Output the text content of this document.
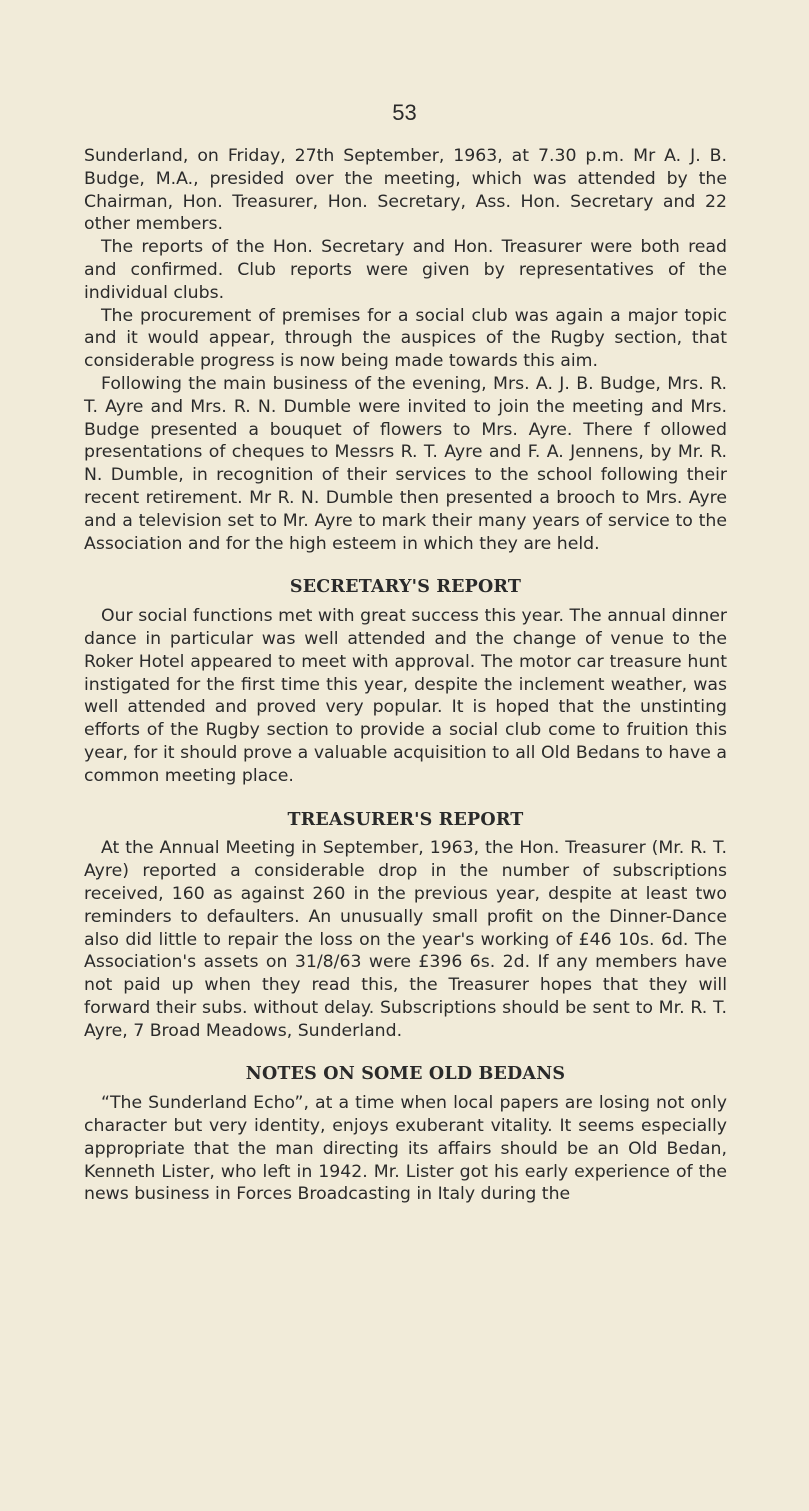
53

Sunderland, on Friday, 27th September, 1963, at 7.30 p.m. Mr A. J. B. Budge, M.A., presided over the meeting, which was attended by the Chairman, Hon. Treasurer, Hon. Secretary, Ass. Hon. Secretary and 22 other members.

The reports of the Hon. Secretary and Hon. Treasurer were both read and confirmed. Club reports were given by representatives of the individual clubs.

The procurement of premises for a social club was again a major topic and it would appear, through the auspices of the Rugby section, that considerable progress is now being made towards this aim.

Following the main business of the evening, Mrs. A. J. B. Budge, Mrs. R. T. Ayre and Mrs. R. N. Dumble were invited to join the meeting and Mrs. Budge presented a bouquet of flowers to Mrs. Ayre. There f ollowed presentations of cheques to Messrs R. T. Ayre and F. A. Jennens, by Mr. R. N. Dumble, in recognition of their services to the school following their recent retirement. Mr R. N. Dumble then presented a brooch to Mrs. Ayre and a television set to Mr. Ayre to mark their many years of service to the Association and for the high esteem in which they are held.

SECRETARY'S REPORT

Our social functions met with great success this year. The annual dinner dance in particular was well attended and the change of venue to the Roker Hotel appeared to meet with approval. The motor car treasure hunt instigated for the first time this year, despite the inclement weather, was well attended and proved very popular. It is hoped that the unstinting efforts of the Rugby section to provide a social club come to fruition this year, for it should prove a valuable acquisition to all Old Bedans to have a common meeting place.

TREASURER'S REPORT

At the Annual Meeting in September, 1963, the Hon. Treasurer (Mr. R. T. Ayre) reported a considerable drop in the number of subscriptions received, 160 as against 260 in the previous year, despite at least two reminders to defaulters. An unusually small profit on the Dinner-Dance also did little to repair the loss on the year's working of £46 10s. 6d. The Association's assets on 31/8/63 were £396 6s. 2d. If any members have not paid up when they read this, the Treasurer hopes that they will forward their subs. without delay. Subscriptions should be sent to Mr. R. T. Ayre, 7 Broad Meadows, Sunderland.

NOTES ON SOME OLD BEDANS

“The Sunderland Echo”, at a time when local papers are losing not only character but very identity, enjoys exuberant vitality. It seems especially appropriate that the man directing its affairs should be an Old Bedan, Kenneth Lister, who left in 1942. Mr. Lister got his early experience of the news business in Forces Broadcasting in Italy during the
